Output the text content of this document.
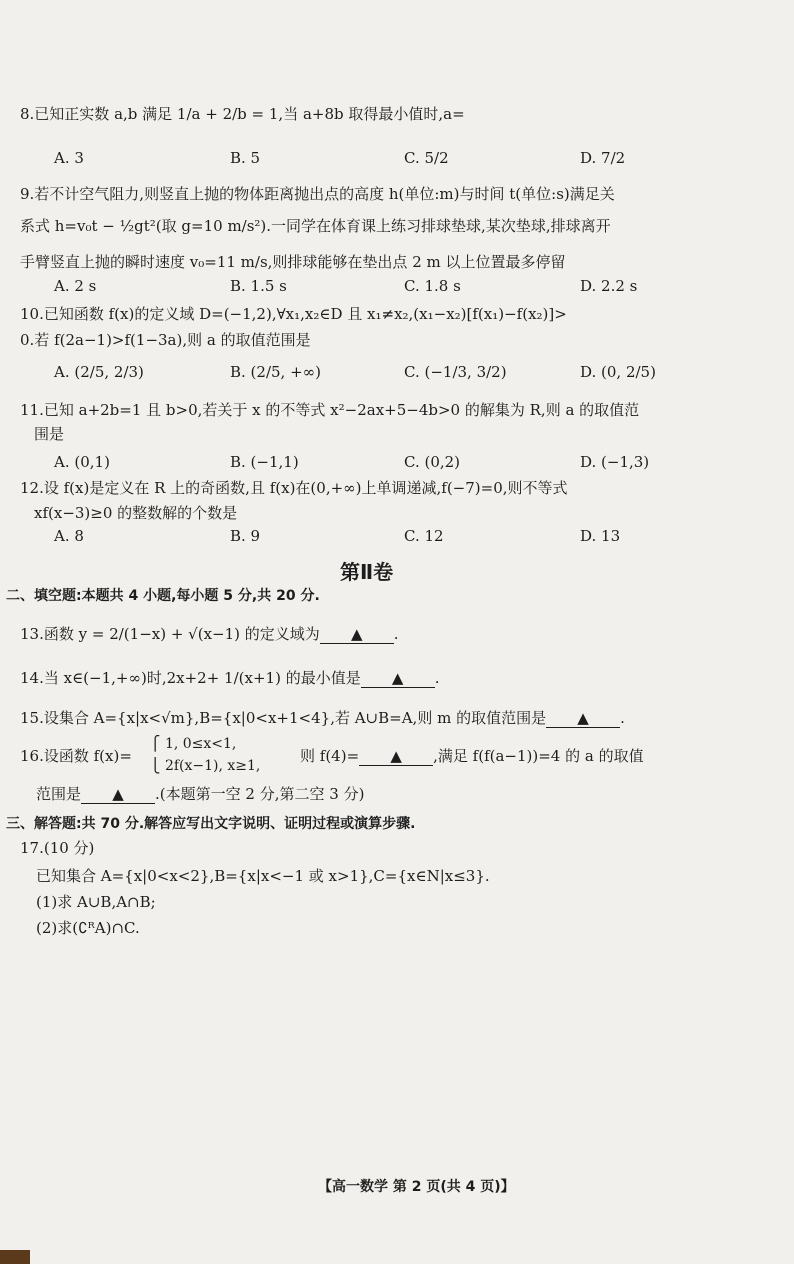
8.已知正实数 a,b 满足 1/a + 2/b = 1,当 a+8b 取得最小值时,a=
A. 3	B. 5	C. 5/2	D. 7/2
9.若不计空气阻力,则竖直上抛的物体距离抛出点的高度 h(单位:m)与时间 t(单位:s)满足关
系式 h=v₀t − ½gt²(取 g=10 m/s²).一同学在体育课上练习排球垫球,某次垫球,排球离开
手臂竖直上抛的瞬时速度 v₀=11 m/s,则排球能够在垫出点 2 m 以上位置最多停留
A. 2 s	B. 1.5 s	C. 1.8 s	D. 2.2 s
10.已知函数 f(x)的定义域 D=(−1,2),∀x₁,x₂∈D 且 x₁≠x₂,(x₁−x₂)[f(x₁)−f(x₂)]>
0.若 f(2a−1)>f(1−3a),则 a 的取值范围是
A. (2/5, 2/3)	B. (2/5, +∞)	C. (−1/3, 3/2)	D. (0, 2/5)
11.已知 a+2b=1 且 b>0,若关于 x 的不等式 x²−2ax+5−4b>0 的解集为 R,则 a 的取值范
围是
A. (0,1)	B. (−1,1)	C. (0,2)	D. (−1,3)
12.设 f(x)是定义在 R 上的奇函数,且 f(x)在(0,+∞)上单调递减,f(−7)=0,则不等式
xf(x−3)≥0 的整数解的个数是
A. 8	B. 9	C. 12	D. 13
第Ⅱ卷
二、填空题:本题共 4 小题,每小题 5 分,共 20 分.
13.函数 y = 2/(1−x) + √(x−1) 的定义域为 ▲ .
14.当 x∈(−1,+∞)时,2x+2+ 1/(x+1) 的最小值是 ▲ .
15.设集合 A={x|x<√m},B={x|0<x+1<4},若 A∪B=A,则 m 的取值范围是 ▲ .
16.设函数 f(x)=
⎧ 1, 0≤x<1,
⎩ 2f(x−1), x≥1,
则 f(4)= ▲ ,满足 f(f(a−1))=4 的 a 的取值
范围是 ▲ .(本题第一空 2 分,第二空 3 分)
三、解答题:共 70 分.解答应写出文字说明、证明过程或演算步骤.
17.(10 分)
已知集合 A={x|0<x<2},B={x|x<−1 或 x>1},C={x∈N|x≤3}.
(1)求 A∪B,A∩B;
(2)求(∁ᴿA)∩C.
【高一数学 第 2 页(共 4 页)】
